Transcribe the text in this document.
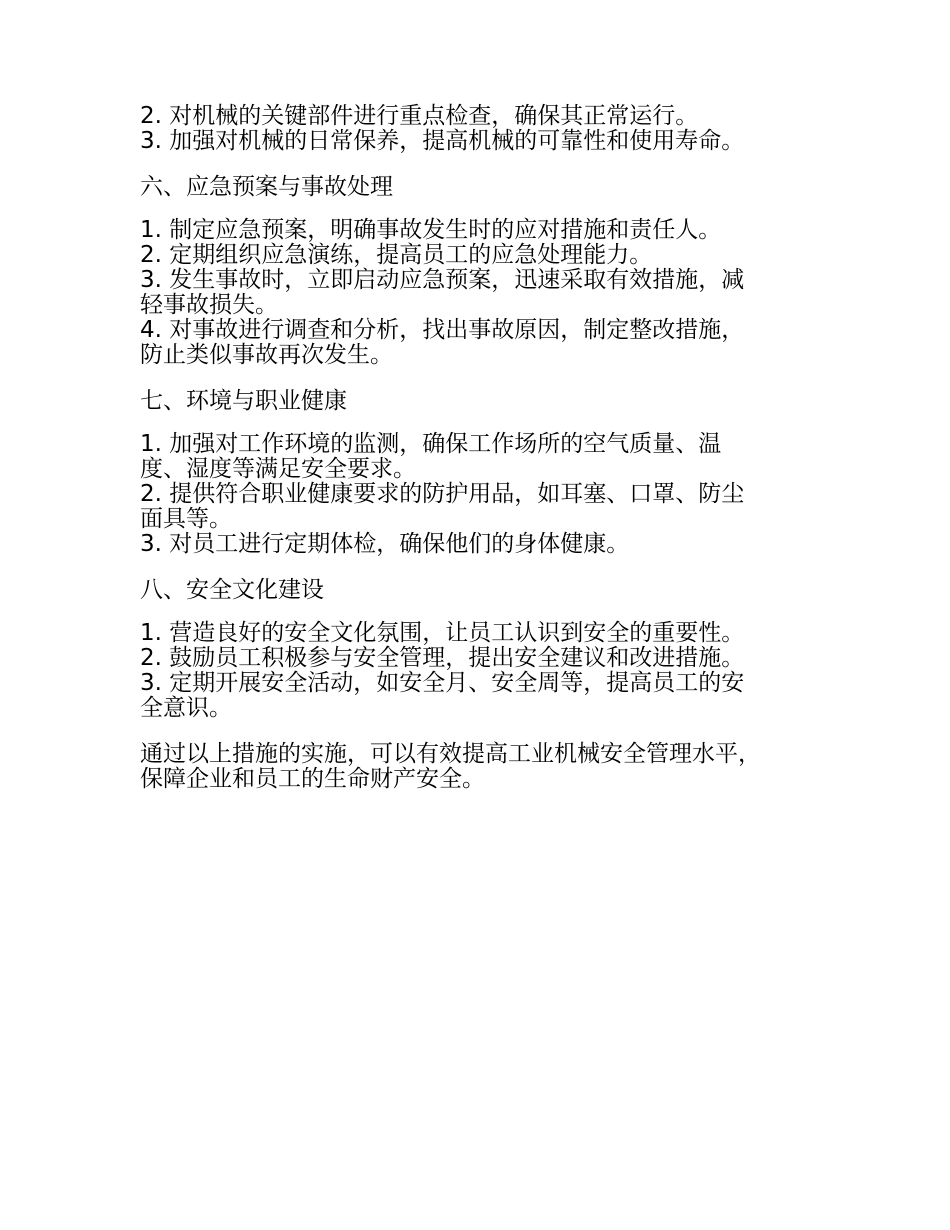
2. 对机械的关键部件进行重点检查，确保其正常运行。
3. 加强对机械的日常保养，提高机械的可靠性和使用寿命。
六、应急预案与事故处理
1. 制定应急预案，明确事故发生时的应对措施和责任人。
2. 定期组织应急演练，提高员工的应急处理能力。
3. 发生事故时，立即启动应急预案，迅速采取有效措施，减
轻事故损失。
4. 对事故进行调查和分析，找出事故原因，制定整改措施，
防止类似事故再次发生。
七、环境与职业健康
1. 加强对工作环境的监测，确保工作场所的空气质量、温
度、湿度等满足安全要求。
2. 提供符合职业健康要求的防护用品，如耳塞、口罩、防尘
面具等。
3. 对员工进行定期体检，确保他们的身体健康。
八、安全文化建设
1. 营造良好的安全文化氛围，让员工认识到安全的重要性。
2. 鼓励员工积极参与安全管理，提出安全建议和改进措施。
3. 定期开展安全活动，如安全月、安全周等，提高员工的安
全意识。
通过以上措施的实施，可以有效提高工业机械安全管理水平，
保障企业和员工的生命财产安全。
